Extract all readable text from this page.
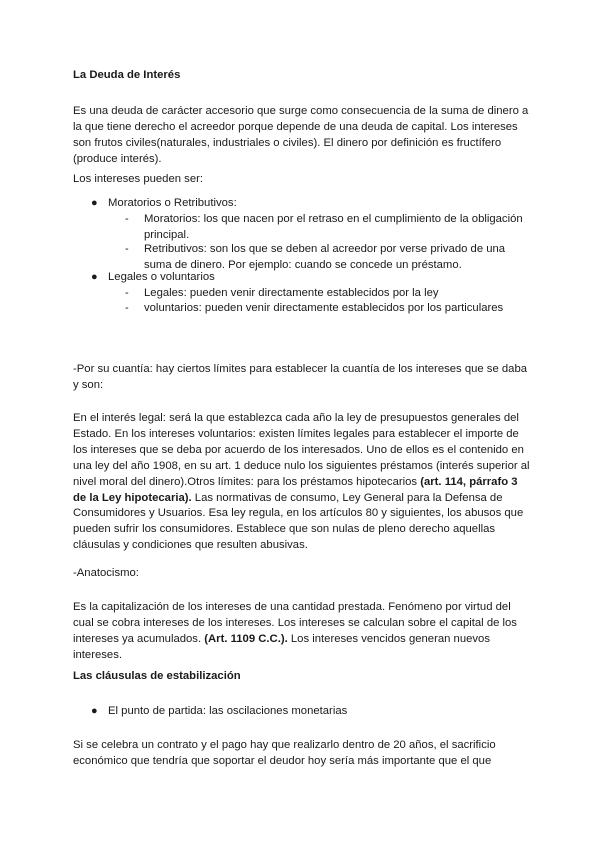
La Deuda de Interés
Es una deuda de carácter accesorio que surge como consecuencia de la suma de dinero a la que tiene derecho el acreedor porque depende de una deuda de capital. Los intereses son frutos civiles(naturales, industriales o civiles). El dinero por definición es fructífero (produce interés).
Los intereses pueden ser:
● Moratorios o Retributivos:
- Moratorios: los que nacen por el retraso en el cumplimiento de la obligación principal.
- Retributivos: son los que se deben al acreedor por verse privado de una suma de dinero. Por ejemplo: cuando se concede un préstamo.
● Legales o voluntarios
- Legales: pueden venir directamente establecidos por la ley
- voluntarios: pueden venir directamente establecidos por los particulares
-Por su cuantía: hay ciertos límites para establecer la cuantía de los intereses que se daba y son:
En el interés legal: será la que establezca cada año la ley de presupuestos generales del Estado. En los intereses voluntarios: existen límites legales para establecer el importe de los intereses que se deba por acuerdo de los interesados. Uno de ellos es el contenido en una ley del año 1908, en su art. 1 deduce nulo los siguientes préstamos (interés superior al nivel moral del dinero).Otros límites: para los préstamos hipotecarios (art. 114, párrafo 3 de la Ley hipotecaria). Las normativas de consumo, Ley General para la Defensa de Consumidores y Usuarios. Esa ley regula, en los artículos 80 y siguientes, los abusos que pueden sufrir los consumidores. Establece que son nulas de pleno derecho aquellas cláusulas y condiciones que resulten abusivas.
-Anatocismo:
Es la capitalización de los intereses de una cantidad prestada. Fenómeno por virtud del cual se cobra intereses de los intereses. Los intereses se calculan sobre el capital de los intereses ya acumulados. (Art. 1109 C.C.). Los intereses vencidos generan nuevos intereses.
Las cláusulas de estabilización
● El punto de partida: las oscilaciones monetarias
Si se celebra un contrato y el pago hay que realizarlo dentro de 20 años, el sacrificio económico que tendría que soportar el deudor hoy sería más importante que el que
